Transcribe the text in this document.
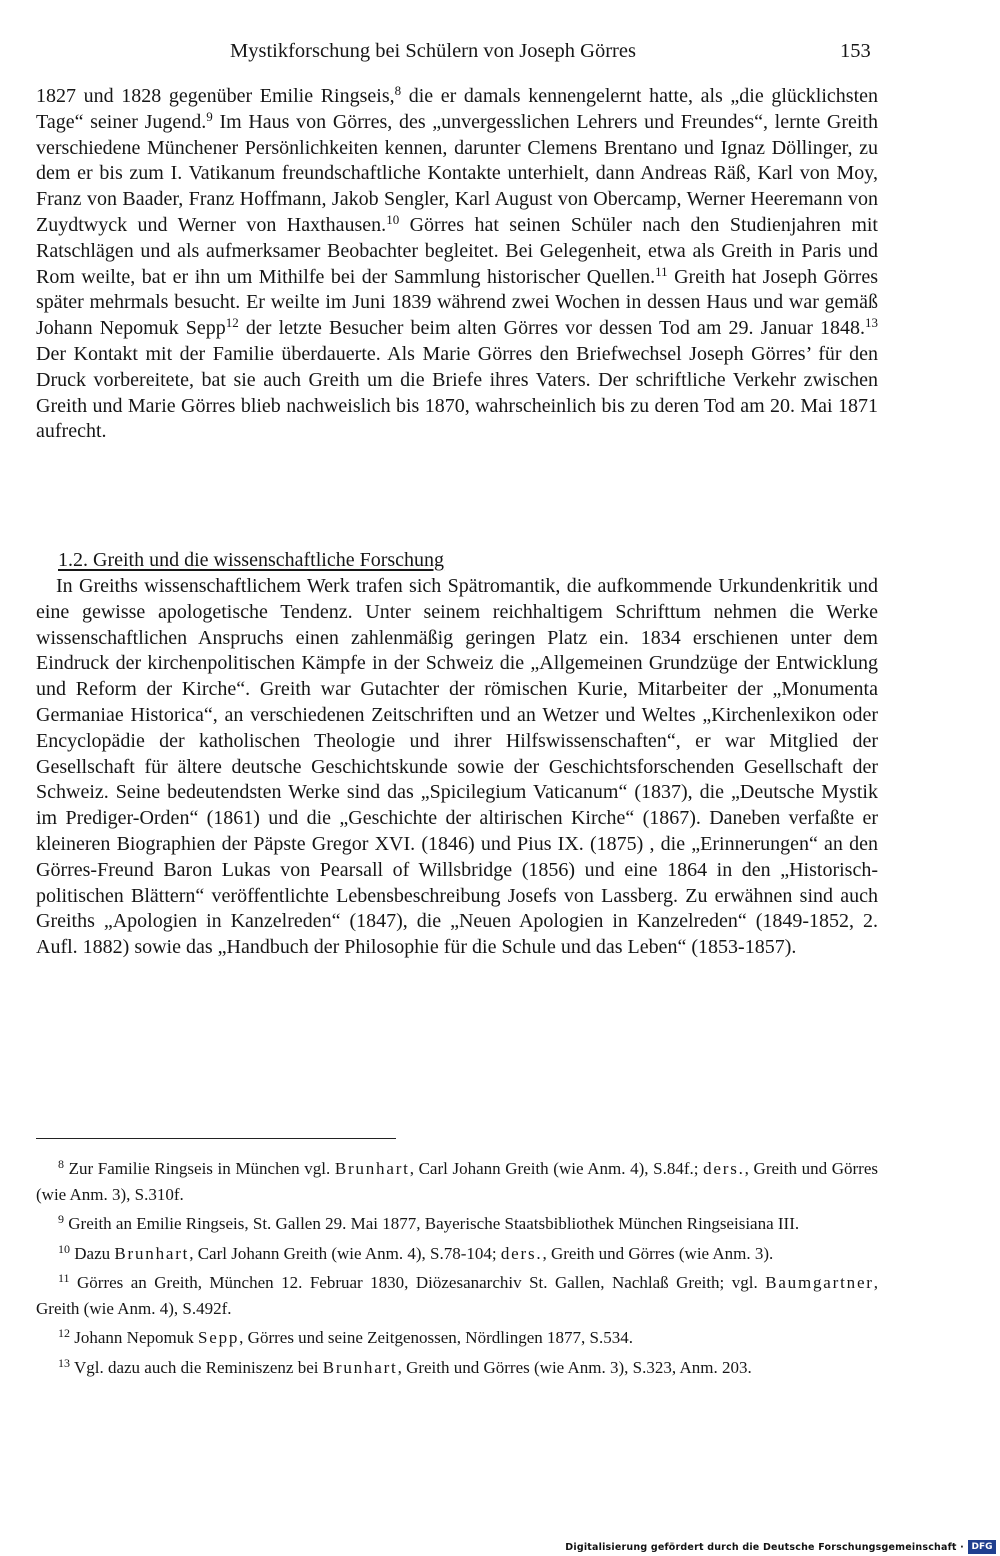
Mystikforschung bei Schülern von Joseph Görres	153

1827 und 1828 gegenüber Emilie Ringseis,$^8$ die er damals kennengelernt hatte, als „die glücklichsten Tage“ seiner Jugend.$^9$ Im Haus von Görres, des „unvergesslichen Lehrers und Freundes“, lernte Greith verschiedene Münchener Persönlichkeiten kennen, darunter Clemens Brentano und Ignaz Döllinger, zu dem er bis zum I. Vatikanum freundschaftliche Kontakte unterhielt, dann Andreas Räß, Karl von Moy, Franz von Baader, Franz Hoffmann, Jakob Sengler, Karl August von Obercamp, Werner Heeremann von Zuydtwyck und Werner von Haxthausen.$^{10}$ Görres hat seinen Schüler nach den Studienjahren mit Ratschlägen und als aufmerksamer Beobachter begleitet. Bei Gelegenheit, etwa als Greith in Paris und Rom weilte, bat er ihn um Mithilfe bei der Sammlung historischer Quellen.$^{11}$ Greith hat Joseph Görres später mehrmals besucht. Er weilte im Juni 1839 während zwei Wochen in dessen Haus und war gemäß Johann Nepomuk Sepp$^{12}$ der letzte Besucher beim alten Görres vor dessen Tod am 29. Januar 1848.13 Der Kontakt mit der Familie überdauerte. Als Marie Görres den Briefwechsel Joseph Görres’ für den Druck vorbereitete, bat sie auch Greith um die Briefe ihres Vaters. Der schriftliche Verkehr zwischen Greith und Marie Görres blieb nachweislich bis 1870, wahrscheinlich bis zu deren Tod am 20. Mai 1871 aufrecht.

1.2. Greith und die wissenschaftliche Forschung

In Greiths wissenschaftlichem Werk trafen sich Spätromantik, die aufkommende Urkundenkritik und eine gewisse apologetische Tendenz. Unter seinem reichhaltigem Schrifttum nehmen die Werke wissenschaftlichen Anspruchs einen zahlenmäßig geringen Platz ein. 1834 erschienen unter dem Eindruck der kirchenpolitischen Kämpfe in der Schweiz die „Allgemeinen Grundzüge der Entwicklung und Reform der Kirche“. Greith war Gutachter der römischen Kurie, Mitarbeiter der „Monumenta Germaniae Historica“, an verschiedenen Zeitschriften und an Wetzer und Weltes „Kirchenlexikon oder Encyclopädie der katholischen Theologie und ihrer Hilfswissenschaften“, er war Mitglied der Gesellschaft für ältere deutsche Geschichtskunde sowie der Geschichtsforschenden Gesellschaft der Schweiz. Seine bedeutendsten Werke sind das „Spicilegium Vaticanum“ (1837), die „Deutsche Mystik im Prediger-Orden“ (1861) und die „Geschichte der altirischen Kirche“ (1867). Daneben verfaßte er kleineren Biographien der Päpste Gregor XVI. (1846) und Pius IX. (1875) , die „Erinnerungen“ an den Görres-Freund Baron Lukas von Pearsall of Willsbridge (1856) und eine 1864 in den „Historisch-politischen Blättern“ veröffentlichte Lebensbeschreibung Josefs von Lassberg. Zu erwähnen sind auch Greiths „Apologien in Kanzelreden“ (1847), die „Neuen Apologien in Kanzelreden“ (1849-1852, 2. Aufl. 1882) sowie das „Handbuch der Philosophie für die Schule und das Leben“ (1853-1857).

$^8$ Zur Familie Ringseis in München vgl. Brunhart, Carl Johann Greith (wie Anm. 4), S.84f.; ders., Greith und Görres (wie Anm. 3), S.310f.

$^9$ Greith an Emilie Ringseis, St. Gallen 29. Mai 1877, Bayerische Staatsbibliothek München Ringseisiana III.

$^{10}$ Dazu Brunhart, Carl Johann Greith (wie Anm. 4), S.78-104; ders., Greith und Görres (wie Anm. 3).

$^{11}$ Görres an Greith, München 12. Februar 1830, Diözesanarchiv St. Gallen, Nachlaß Greith; vgl. Baumgartner, Greith (wie Anm. 4), S.492f.

$^{12}$ Johann Nepomuk Sepp, Görres und seine Zeitgenossen, Nördlingen 1877, S.534.

$^{13}$ Vgl. dazu auch die Reminiszenz bei Brunhart, Greith und Görres (wie Anm. 3), S.323, Anm. 203.

Digitalisierung gefördert durch die Deutsche Forschungsgemeinschaft · DFG
